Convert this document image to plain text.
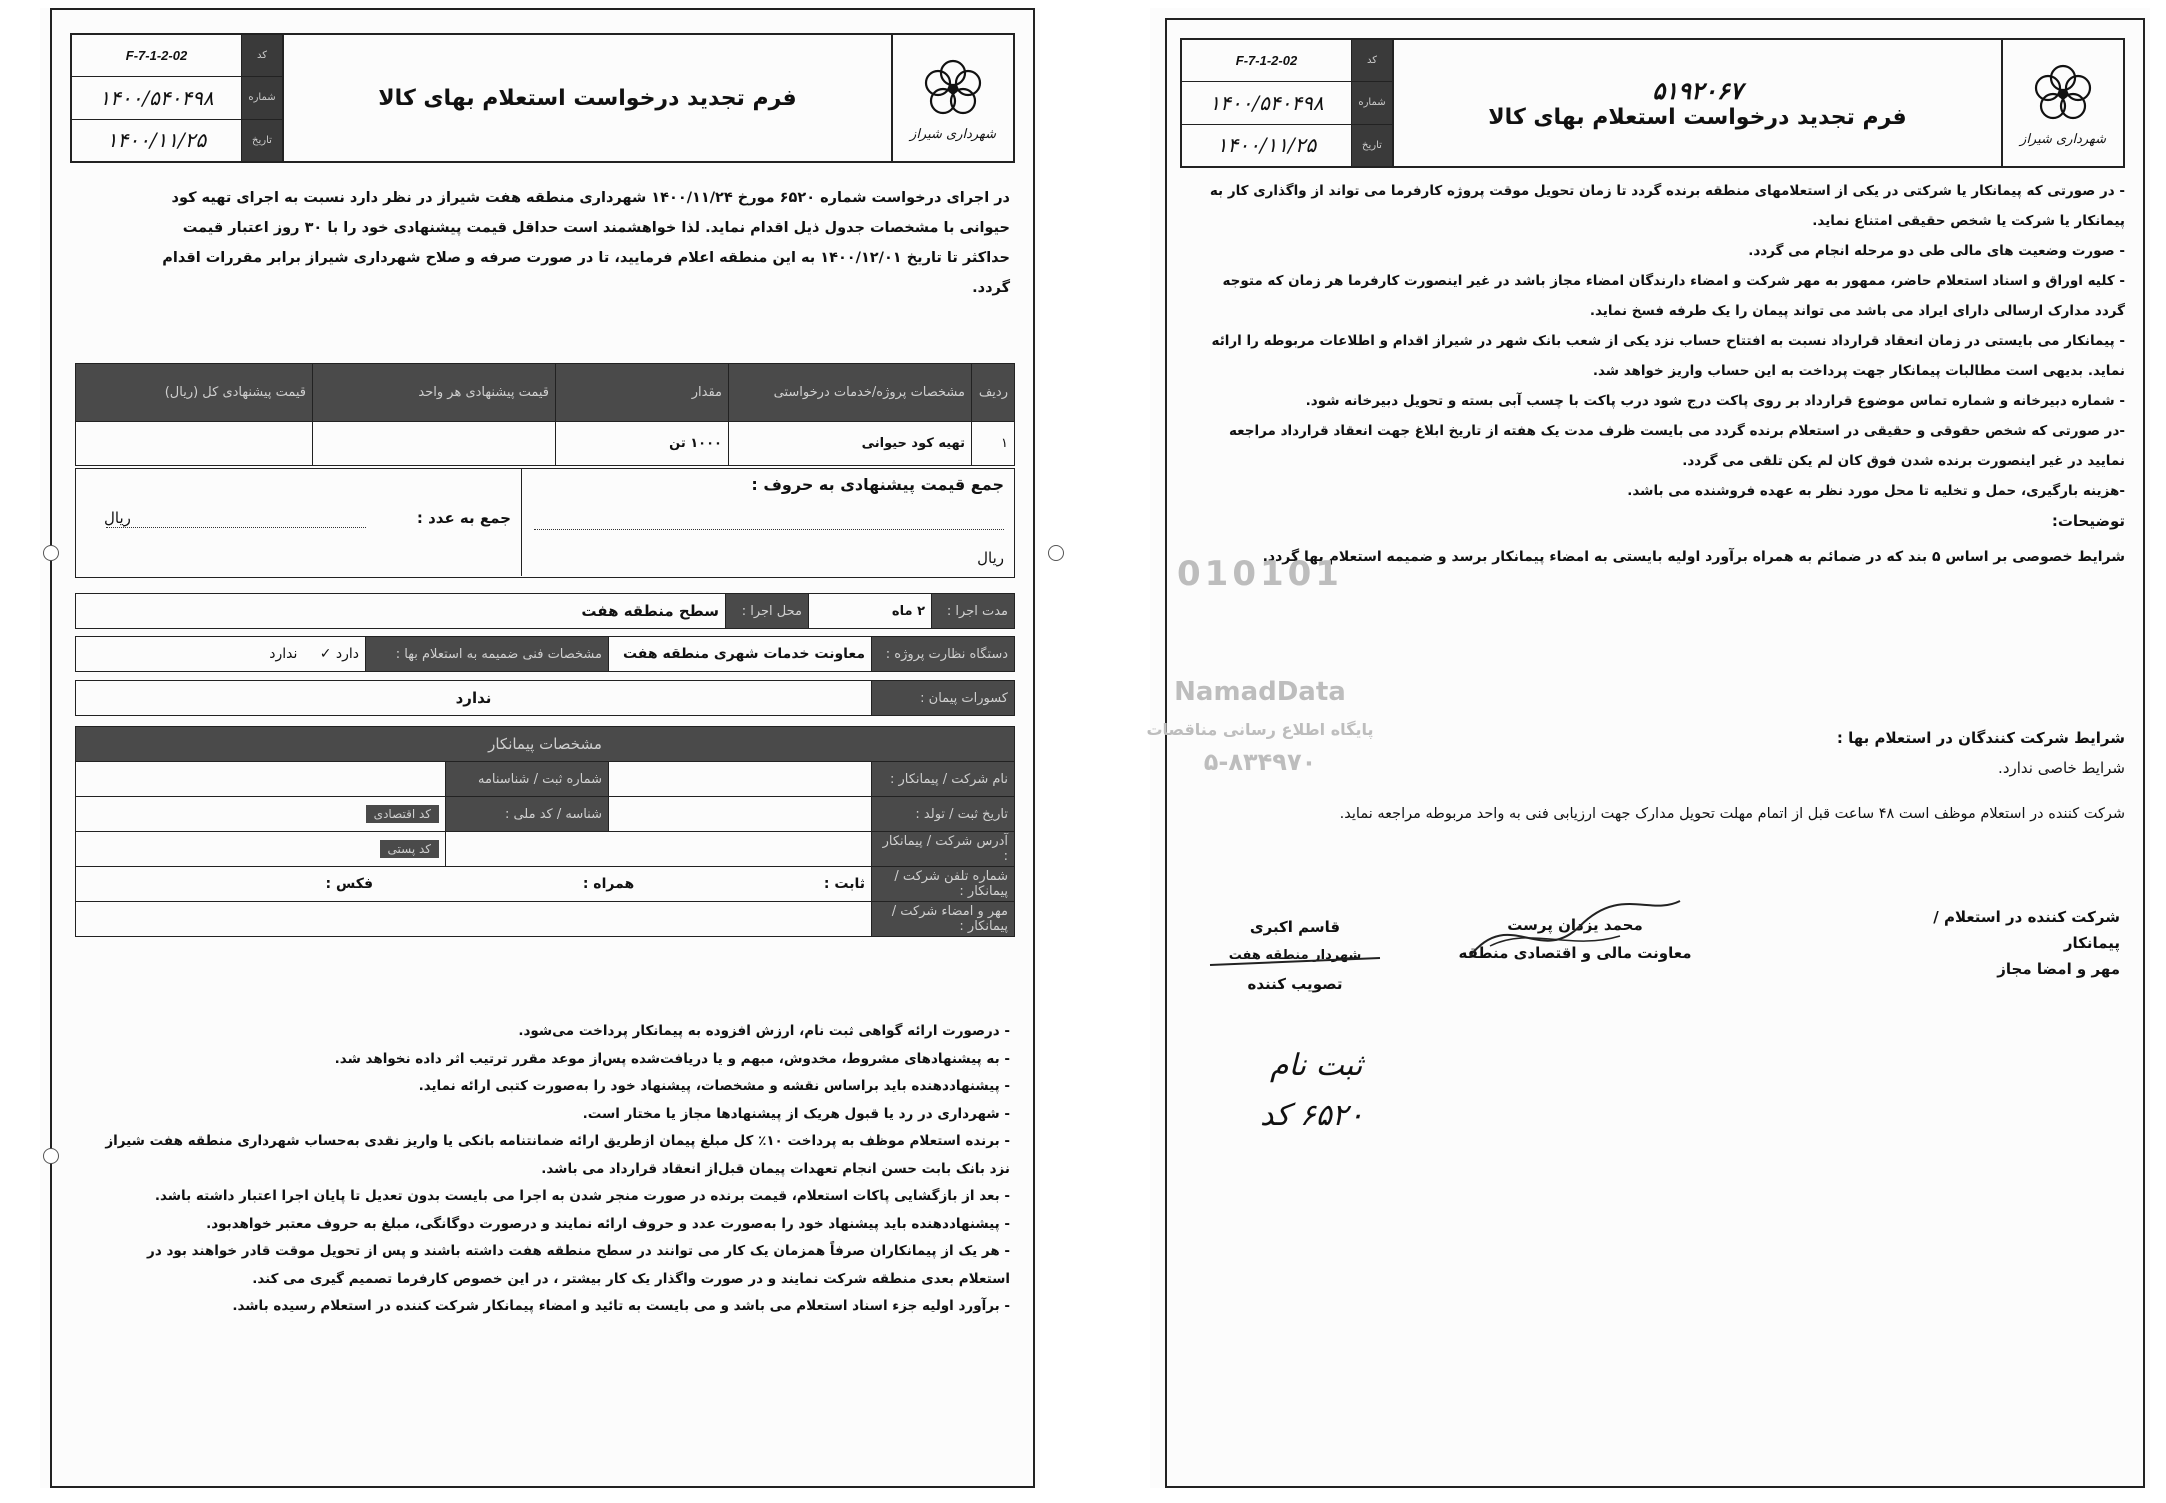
شهرداری شیراز
فرم تجدید درخواست استعلام بهای کالا
کد
F-7-1-2-02
شماره
۱۴۰۰/۵۴۰۴۹۸
تاریخ
۱۴۰۰/۱۱/۲۵

در اجرای درخواست شماره ۶۵۲۰ مورخ ۱۴۰۰/۱۱/۲۴ شهرداری منطقه هفت شیراز در نظر دارد نسبت به اجرای تهیه کود

حیوانی با مشخصات جدول ذیل اقدام نماید. لذا خواهشمند است حداقل قیمت پیشنهادی خود را با ۳۰ روز اعتبار قیمت

حداکثر تا تاریخ ۱۴۰۰/۱۲/۰۱ به این منطقه اعلام فرمایید، تا در صورت صرفه و صلاح شهرداری شیراز برابر مقررات اقدام

گردد.

ردیف	مشخصات پروژه/خدمات درخواستی	مقدار	قیمت پیشنهادی هر واحد	قیمت پیشنهادی کل (ریال)
۱	تهیه کود حیوانی	۱۰۰۰ تن		
جمع قیمت پیشنهادی به حروف :
ریال
جمع به عدد :
ریال
مدت اجرا :	۲ ماه	محل اجرا :	سطح منطقه هفت
دستگاه نظارت پروژه :	معاونت خدمات شهری منطقه هفت	مشخصات فنی ضمیمه به استعلام بها :	دارد ✓     ندارد
کسورات پیمان :	ندارد
مشخصات پیمانکار			
نام شرکت / پیمانکار :		شماره ثبت / شناسنامه	
تاریخ ثبت / تولد :		شناسه / کد ملی :	کد اقتصادی
آدرس شرکت / پیمانکار :			کد پستی
شماره تلفن شرکت / پیمانکار :	ثابت :  همراه :  فکس :		
مهر و امضاء شرکت / پیمانکار :			

- درصورت ارائه گواهی ثبت نام، ارزش افزوده به پیمانکار پرداخت می‌شود.

- به پیشنهادهای مشروط، مخدوش، مبهم و یا دریافت‌شده پس‌از موعد مقرر ترتیب اثر داده نخواهد شد.

- پیشنهاددهنده باید براساس نقشه و مشخصات، پیشنهاد خود را به‌صورت کتبی ارائه نماید.

- شهرداری در رد یا قبول هریک از پیشنهادها مجاز یا مختار است.

- برنده استعلام موظف به پرداخت ۱۰٪ کل مبلغ پیمان ازطریق ارائه ضمانتنامه بانکی یا واریز نقدی به‌حساب شهرداری منطقه هفت شیراز

نزد بانک بابت حسن انجام تعهدات پیمان قبل‌از انعقاد قرارداد می باشد.

- بعد از بازگشایی پاکات استعلام، قیمت برنده در صورت منجر شدن به اجرا می بایست بدون تعدیل تا پایان اجرا اعتبار داشته باشد.

- پیشنهاددهنده باید پیشنهاد خود را به‌صورت عدد و حروف ارائه نمایند و درصورت دوگانگی، مبلغ به حروف معتبر خواهدبود.

- هر یک از پیمانکاران صرفاً همزمان یک کار می توانند در سطح منطقه هفت داشته باشند و پس از تحویل موقت قادر خواهند بود در

استعلام بعدی منطقه شرکت نمایند و در صورت واگذار یک کار بیشتر ، در این خصوص کارفرما تصمیم گیری می کند.

- برآورد اولیه جزء اسناد استعلام می باشد و می بایست به تائید و امضاء پیمانکار شرکت کننده در استعلام رسیده باشد.

شهرداری شیراز
۵۱۹۲۰۶۷
فرم تجدید درخواست استعلام بهای کالا
کد
F-7-1-2-02
شماره
۱۴۰۰/۵۴۰۴۹۸
تاریخ
۱۴۰۰/۱۱/۲۵

- در صورتی که پیمانکار یا شرکتی در یکی از استعلامهای منطقه برنده گردد تا زمان تحویل موقت پروژه کارفرما می تواند از واگذاری کار به

پیمانکار یا شرکت یا شخص حقیقی امتناع نماید.

- صورت وضعیت های مالی طی دو مرحله انجام می گردد.

- کلیه اوراق و اسناد استعلام حاضر، ممهور به مهر شرکت و امضاء دارندگان امضاء مجاز باشد در غیر اینصورت کارفرما هر زمان که متوجه

گردد مدارک ارسالی دارای ایراد می باشد می تواند پیمان را یک طرفه فسخ نماید.

- پیمانکار می بایستی در زمان انعقاد قرارداد نسبت به افتتاح حساب نزد یکی از شعب بانک شهر در شیراز اقدام و اطلاعات مربوطه را ارائه

نماید. بدیهی است مطالبات پیمانکار جهت پرداخت به این حساب واریز خواهد شد.

- شماره دبیرخانه و شماره تماس موضوع قرارداد بر روی پاکت درج شود درب پاکت با چسب آبی بسته و تحویل دبیرخانه شود.

-در صورتی که شخص حقوقی و حقیقی در استعلام برنده گردد می بایست ظرف مدت یک هفته از تاریخ ابلاغ جهت انعقاد قرارداد مراجعه

نمایید در غیر اینصورت برنده شدن فوق کان لم یکن تلقی می گردد.

-هزینه بارگیری، حمل و تخلیه تا محل مورد نظر به عهده فروشنده می باشد.

توضیحات:

شرایط خصوصی بر اساس ۵ بند که در ضمائم به همراه برآورد اولیه بایستی به امضاء پیمانکار برسد و ضمیمه استعلام بها گردد.

شرایط شرکت کنندگان در استعلام بها :

شرایط خاصی ندارد.

شرکت کننده در استعلام موظف است ۴۸ ساعت قبل از اتمام مهلت تحویل مدارک جهت ارزیابی فنی به واحد مربوطه مراجعه نماید.

شرکت کننده در استعلام /
پیمانکار
مهر و امضا مجاز
محمد یزدان پرست
معاونت مالی و اقتصادی منطقه
قاسم اکبری
شهردار منطقه هفت
تصویب کننده
ثبت نام
۶۵۲۰ کد
010101
NamadData
پایگاه اطلاع رسانی مناقصات
۵-۸۳۴۹۷۰
